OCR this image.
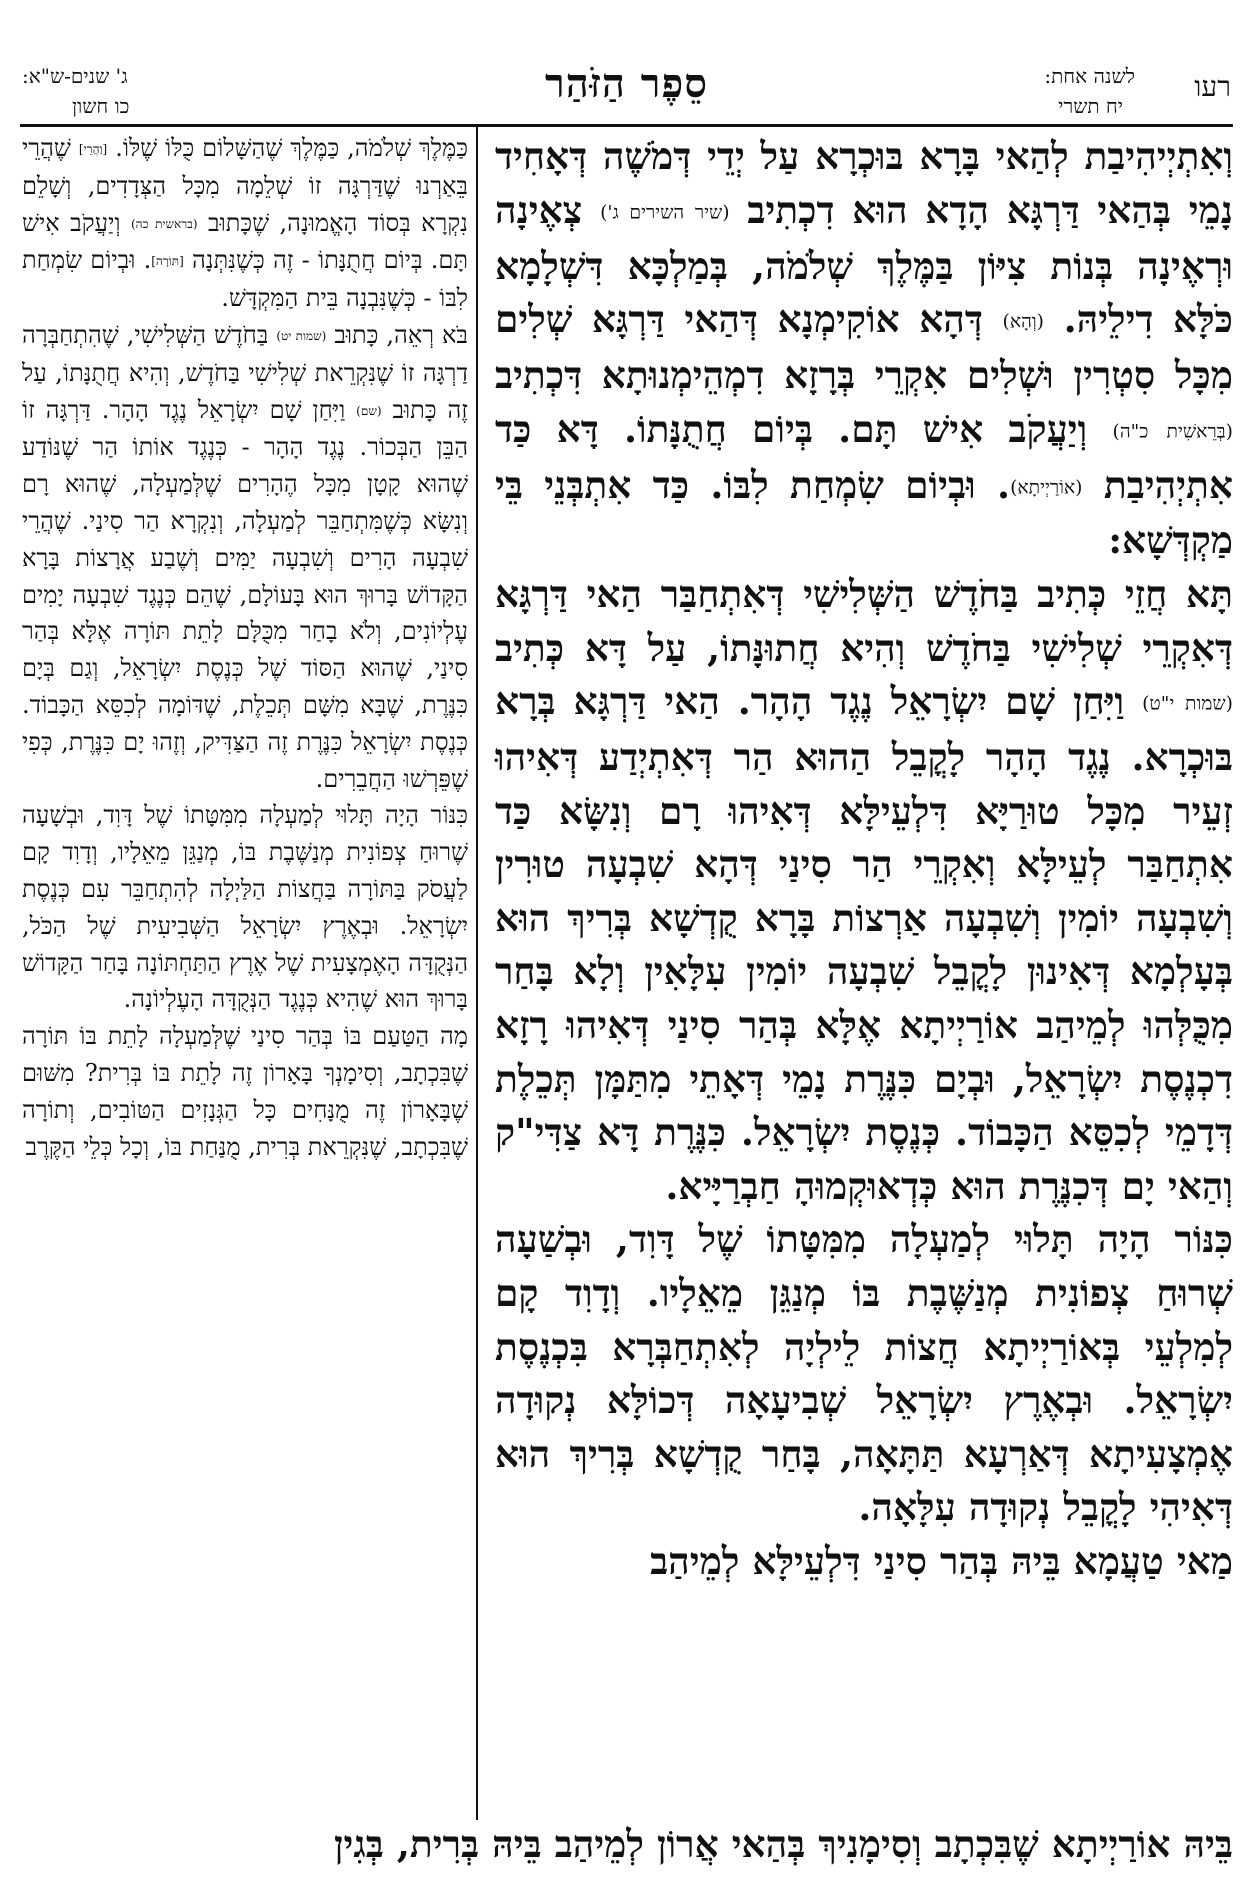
רעו
לשנה אחת:
יח תשרי
סֵפֶר הַזֹּהַר
ג' שנים-ש"א:
כו חשון

וְאִתְיְיהִיבַת לְהַאי בָּרָא בּוּכְרָא עַל יְדֵי דְּמֹשֶׁה דְּאָחִיד נָמֵי בְּהַאי דַּרְגָּא הָדָא הוּא דִכְתִיב (שיר השירים ג') צְאֶינָה וּרְאֶינָה בְּנוֹת צִיּוֹן בַּמֶּלֶךְ שְׁלֹמֹה, בְּמַלְכָּא דִּשְׁלָמָא כֹּלָּא דִילֵיהּ. (וְהָא) דְּהָא אוֹקִימְנָא דְּהַאי דַּרְגָּא שְׁלִים מִכָּל סִטְרִין וּשְׁלִים אִקְרֵי בְּרָזָא דִמְהֵימְנוּתָא דִּכְתִיב (בְּרֵאשִׁית כ"ה) וְיַעֲקֹב אִישׁ תָּם. בְּיוֹם חֲתֻנָּתוֹ. דָּא כַּד אִתְיְהִיבַת (אוֹרַיְיתָא). וּבְיוֹם שִׂמְחַת לִבּוֹ. כַּד אִתְבְּנֵי בֵּי מַקְדְּשָׁא:

תָּא חֲזֵי כְּתִיב בַּחֹדֶשׁ הַשְּׁלִישִׁי דְּאִתְחַבַּר הַאי דַּרְגָּא דְּאִקְרֵי שְׁלִישִׁי בַּחֹדֶשׁ וְהִיא חֲתוּנָּתוֹ, עַל דָּא כְּתִיב (שמות י"ט) וַיִּחַן שָׁם יִשְׂרָאֵל נֶגֶד הָהָר. הַאי דַּרְגָּא בְּרָא בּוּכְרָא. נֶגֶד הָהָר לָקֳבֵל הַהוּא הַר דְּאִתְיְדַע דְּאִיהוּ זְעֵיר מִכָּל טוּרַיָּא דִּלְעֵילָּא דְּאִיהוּ רָם וְנִשָּׂא כַּד אִתְחַבַּר לְעֵילָּא וְאִקְרֵי הַר סִינַי דְּהָא שִׁבְעָה טוּרִין וְשִׁבְעָה יוֹמִין וְשִׁבְעָה אַרְצוֹת בָּרָא קֻדְשָׁא בְּרִיךְ הוּא בְּעָלְמָא דְּאִינוּן לָקֳבֵל שִׁבְעָה יוֹמִין עִלָּאִין וְלָא בָּחַר מִכֻּלְּהוּ לְמֵיהַב אוֹרַיְיתָא אֶלָּא בְּהַר סִינַי דְּאִיהוּ רָזָא דִכְנֶסֶת יִשְׂרָאֵל, וּבְיָם כִּנֶּרֶת נָמֵי דְּאָתֵי מִתַּמָּן תְּכֵלֶת דְּדָמֵי לְכִסֵּא הַכָּבוֹד. כְּנֶסֶת יִשְׂרָאֵל. כִּנֶּרֶת דָּא צַדִּי"ק וְהַאי יָם דְּכִנֶּרֶת הוּא כְּדְאוּקְמוּהָ חַבְרַיָּיא.

כִּנּוֹר הָיָה תָּלוּי לְמַעְלָה מִמִּטָּתוֹ שֶׁל דָּוִד, וּבְשַׁעָה שְׁרוּחַ צְפוֹנִית מְנַשֶּׁבֶת בּוֹ מְנַגֵּן מֵאֵלָיו. וְדָוִד קָם לְמִלְעֵי בְּאוֹרַיְיתָא חֲצוֹת לֵילְיָה לְאִתְחַבְּרָא בִּכְנֶסֶת יִשְׂרָאֵל. וּבְאֶרֶץ יִשְׂרָאֵל שְׁבִיעָאָה דְּכוֹלָּא נְקוּדָה אֶמְצָעִיתָא דְּאַרְעָא תַּתָּאָה, בָּחַר קֻדְשָׁא בְּרִיךְ הוּא דְּאִיהִי לָקֳבֵל נְקוּדָה עִלָּאָה.

מַאי טַעֲמָא בֵּיהּ בְּהַר סִינַי דִּלְעֵילָּא לְמֵיהַב

כַּמֶּלֶךְ שְׁלֹמֹה, כַּמֶּלֶךְ שֶׁהַשָּׁלוֹם כֻּלּוֹ שֶׁלּוֹ. [וַהֲרֵי] שֶׁהֲרֵי בֵּאַרְנוּ שֶׁדַּרְגָּה זוֹ שְׁלֵמָה מִכָּל הַצְּדָדִים, וְשָׁלֵם נִקְרָא בְּסוֹד הָאֱמוּנָה, שֶׁכָּתוּב (בראשית כה) וְיַעֲקֹב אִישׁ תָּם. בְּיוֹם חֲתֻנָּתוֹ - זֶה כְּשֶׁנִּתְּנָה [תּוֹרָה]. וּבְיוֹם שִׂמְחַת לִבּוֹ - כְּשֶׁנִּבְנָה בֵּית הַמִּקְדָּשׁ.

בֹּא רְאֵה, כָּתוּב (שמות יט) בַּחֹדֶשׁ הַשְּׁלִישִׁי, שֶׁהִתְחַבְּרָה דַרְגָּה זוֹ שֶׁנִּקְרֵאת שְׁלִישִׁי בַּחֹדֶשׁ, וְהִיא חֲתֻנָּתוֹ, עַל זֶה כָּתוּב (שם) וַיִּחַן שָׁם יִשְׂרָאֵל נֶגֶד הָהָר. דַּרְגָּה זוֹ הַבֵּן הַבְּכוֹר. נֶגֶד הָהָר - כְּנֶגֶד אוֹתוֹ הַר שֶׁנּוֹדַע שֶׁהוּא קָטָן מִכָּל הֶהָרִים שֶׁלְּמַעְלָה, שֶׁהוּא רָם וְנִשָּׂא כְּשֶׁמִּתְחַבֵּר לְמַעְלָה, וְנִקְרָא הַר סִינַי. שֶׁהֲרֵי שִׁבְעָה הָרִים וְשִׁבְעָה יַמִּים וְשֶׁבַע אֲרָצוֹת בָּרָא הַקָּדוֹשׁ בָּרוּךְ הוּא בָּעוֹלָם, שֶׁהֵם כְּנֶגֶד שִׁבְעָה יָמִים עֶלְיוֹנִים, וְלֹא בָחַר מִכֻּלָּם לָתֵת תּוֹרָה אֶלָּא בְּהַר סִינַי, שֶׁהוּא הַסּוֹד שֶׁל כְּנֶסֶת יִשְׂרָאֵל, וְגַם בְּיָם כִּנֶּרֶת, שֶׁבָּא מִשָּׁם תְּכֵלֶת, שֶׁדּוֹמָה לְכִסֵּא הַכָּבוֹד. כְּנֶסֶת יִשְׂרָאֵל כִּנֶּרֶת זֶה הַצַּדִּיק, וְזֶהוּ יָם כִּנֶּרֶת, כְּפִי שֶׁפֵּרְשׁוּ הַחֲבֵרִים.

כִּנּוֹר הָיָה תָּלוּי לְמַעְלָה מִמִּטָּתוֹ שֶׁל דָּוִד, וּבְשָׁעָה שֶׁרוּחַ צְפוֹנִית מְנַשֶּׁבֶת בּוֹ, מְנַגֵּן מֵאֵלָיו, וְדָוִד קָם לַעֲסֹק בַּתּוֹרָה בַּחֲצוֹת הַלַּיְלָה לְהִתְחַבֵּר עִם כְּנֶסֶת יִשְׂרָאֵל. וּבְאֶרֶץ יִשְׂרָאֵל הַשְּׁבִיעִית שֶׁל הַכֹּל, הַנְּקֻדָּה הָאֶמְצָעִית שֶׁל אֶרֶץ הַתַּחְתּוֹנָה בָּחַר הַקָּדוֹשׁ בָּרוּךְ הוּא שֶׁהִיא כְּנֶגֶד הַנְּקֻדָּה הָעֶלְיוֹנָה.

מָה הַטַּעַם בּוֹ בְּהַר סִינַי שֶׁלְּמַעְלָה לָתֵת בּוֹ תּוֹרָה שֶׁבִּכְתָב, וְסִימָנְךָ בָּאָרוֹן זֶה לָתֵת בּוֹ בְּרִית? מִשּׁוּם שֶׁבָּאָרוֹן זֶה מֻנָּחִים כָּל הַגְּנָזִים הַטּוֹבִים, וְתוֹרָה שֶׁבִּכְתָב, שֶׁנִּקְרֵאת בְּרִית, מֻנַּחַת בּוֹ, וְכָל כְּלֵי הַקֶּרֶב

בֵּיהּ אוֹרַיְיתָא שֶׁבִּכְתָב וְסִימָנִיךְ בְּהַאי אֲרוֹן לְמֵיהַב בֵּיהּ בְּרִית, בְּגִין
